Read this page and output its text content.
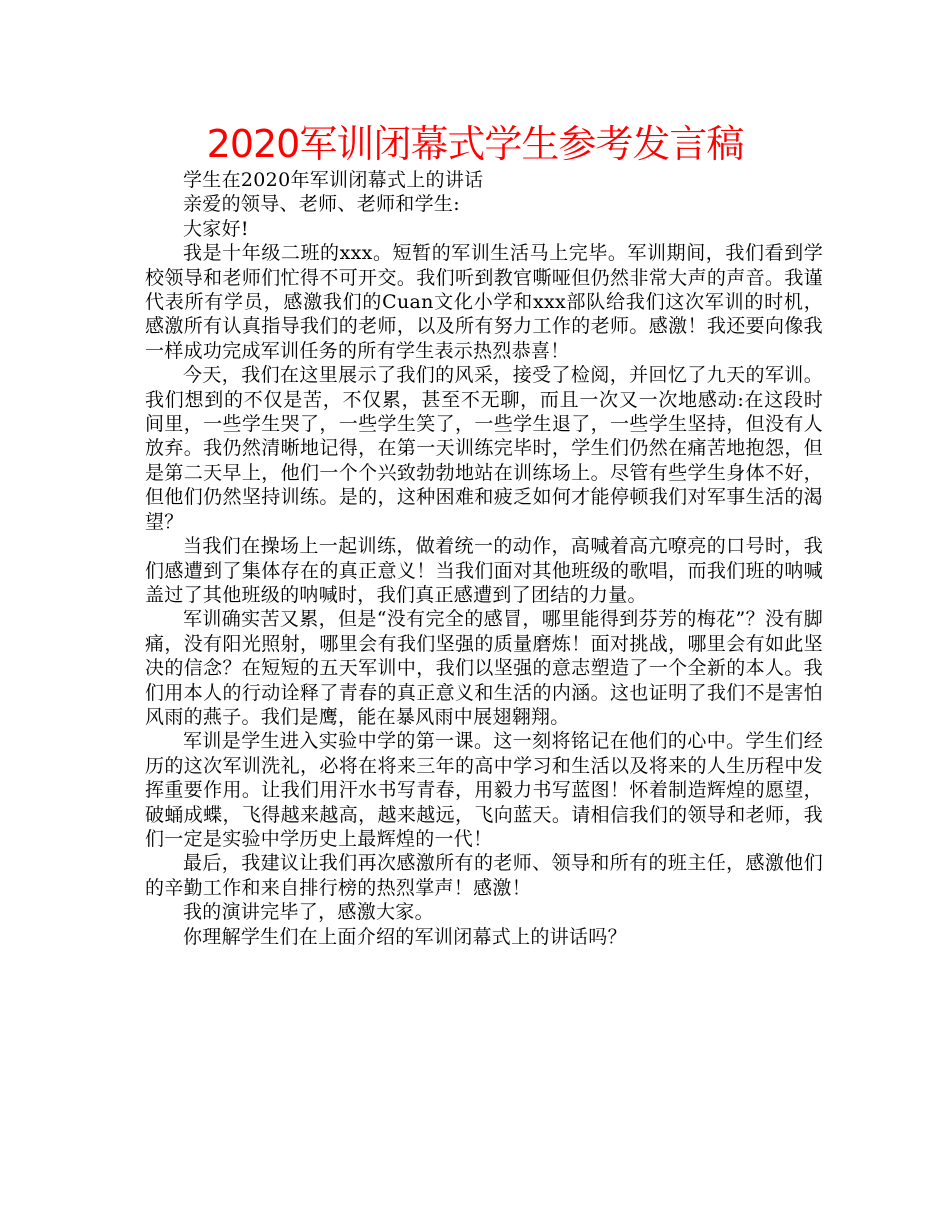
2020军训闭幕式学生参考发言稿

学生在2020年军训闭幕式上的讲话

亲爱的领导、老师、老师和学生:

大家好!

我是十年级二班的xxx。短暂的军训生活马上完毕。军训期间，我们看到学校领导和老师们忙得不可开交。我们听到教官嘶哑但仍然非常大声的声音。我谨代表所有学员，感激我们的Cuan文化小学和xxx部队给我们这次军训的时机，感激所有认真指导我们的老师，以及所有努力工作的老师。感激！我还要向像我一样成功完成军训任务的所有学生表示热烈恭喜！

今天，我们在这里展示了我们的风采，接受了检阅，并回忆了九天的军训。我们想到的不仅是苦，不仅累，甚至不无聊，而且一次又一次地感动:在这段时间里，一些学生哭了，一些学生笑了，一些学生退了，一些学生坚持，但没有人放弃。我仍然清晰地记得，在第一天训练完毕时，学生们仍然在痛苦地抱怨，但是第二天早上，他们一个个兴致勃勃地站在训练场上。尽管有些学生身体不好，但他们仍然坚持训练。是的，这种困难和疲乏如何才能停顿我们对军事生活的渴望？

当我们在操场上一起训练，做着统一的动作，高喊着高亢嘹亮的口号时，我们感遭到了集体存在的真正意义！当我们面对其他班级的歌唱，而我们班的呐喊盖过了其他班级的呐喊时，我们真正感遭到了团结的力量。

军训确实苦又累，但是“没有完全的感冒，哪里能得到芬芳的梅花”？没有脚痛，没有阳光照射，哪里会有我们坚强的质量磨炼！面对挑战，哪里会有如此坚决的信念？在短短的五天军训中，我们以坚强的意志塑造了一个全新的本人。我们用本人的行动诠释了青春的真正意义和生活的内涵。这也证明了我们不是害怕风雨的燕子。我们是鹰，能在暴风雨中展翅翱翔。

军训是学生进入实验中学的第一课。这一刻将铭记在他们的心中。学生们经历的这次军训洗礼，必将在将来三年的高中学习和生活以及将来的人生历程中发挥重要作用。让我们用汗水书写青春，用毅力书写蓝图！怀着制造辉煌的愿望，破蛹成蝶，飞得越来越高，越来越远，飞向蓝天。请相信我们的领导和老师，我们一定是实验中学历史上最辉煌的一代！

最后，我建议让我们再次感激所有的老师、领导和所有的班主任，感激他们的辛勤工作和来自排行榜的热烈掌声！感激！

我的演讲完毕了，感激大家。

你理解学生们在上面介绍的军训闭幕式上的讲话吗？
